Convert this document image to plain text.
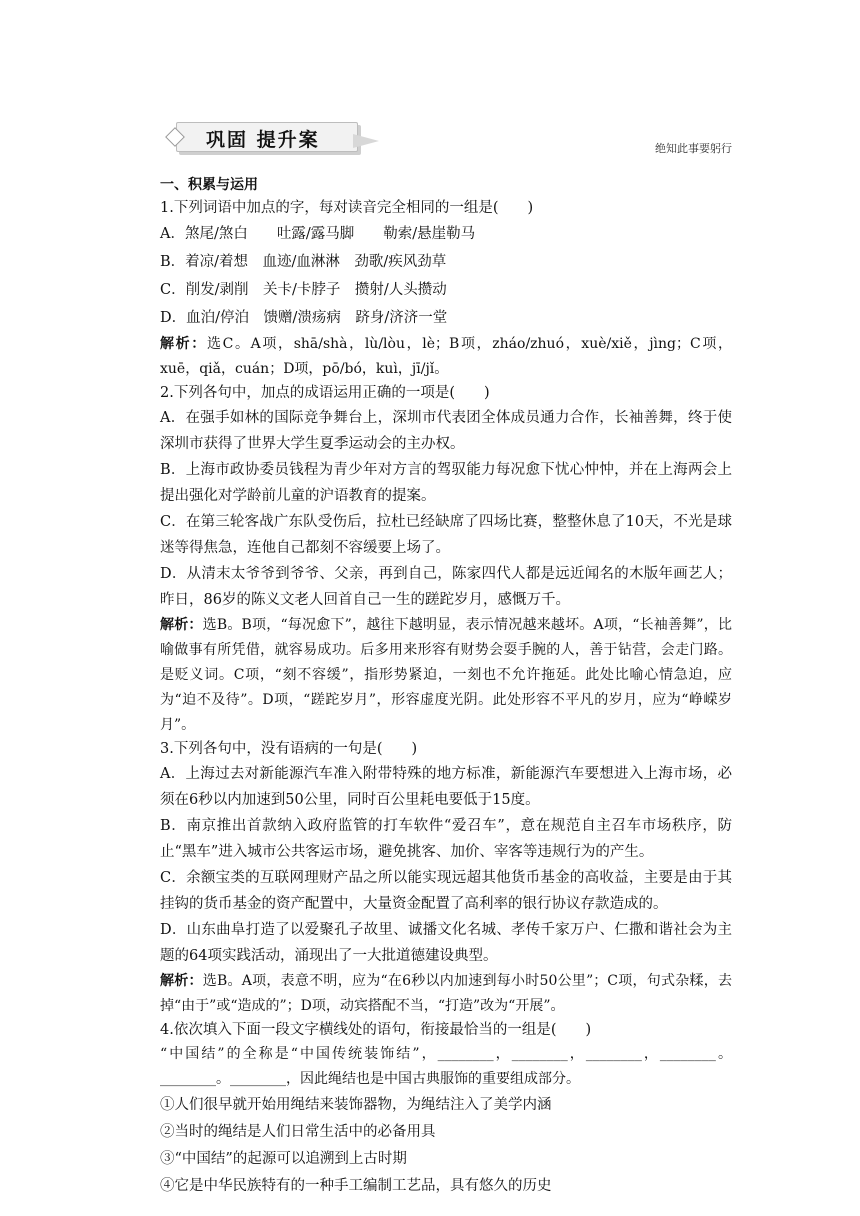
巩固 提升案	绝知此事要躬行

一、积累与运用

1.下列词语中加点的字，每对读音完全相同的一组是(　　)

A．煞尾/煞白　　吐露/露马脚　　勒索/悬崖勒马

B．着凉/着想　血迹/血淋淋　劲歌/疾风劲草

C．削发/剥削　关卡/卡脖子　攒射/人头攒动

D．血泊/停泊　馈赠/溃疡病　跻身/济济一堂

解析：选C。A项，shā/shà，lù/lòu，lè；B项，zháo/zhuó，xuè/xiě，jìng；C项，xuē，qiǎ，cuán；D项，pō/bó，kuì，jī/jǐ。

2.下列各句中，加点的成语运用正确的一项是(　　)

A．在强手如林的国际竞争舞台上，深圳市代表团全体成员通力合作，长袖善舞，终于使深圳市获得了世界大学生夏季运动会的主办权。

B．上海市政协委员钱程为青少年对方言的驾驭能力每况愈下忧心忡忡，并在上海两会上提出强化对学龄前儿童的沪语教育的提案。

C．在第三轮客战广东队受伤后，拉杜已经缺席了四场比赛，整整休息了10天，不光是球迷等得焦急，连他自己都刻不容缓要上场了。

D．从清末太爷爷到爷爷、父亲，再到自己，陈家四代人都是远近闻名的木版年画艺人；昨日，86岁的陈义文老人回首自己一生的蹉跎岁月，感慨万千。

解析：选B。B项，“每况愈下”，越往下越明显，表示情况越来越坏。A项，“长袖善舞”，比喻做事有所凭借，就容易成功。后多用来形容有财势会耍手腕的人，善于钻营，会走门路。是贬义词。C项，“刻不容缓”，指形势紧迫，一刻也不允许拖延。此处比喻心情急迫，应为“迫不及待”。D项，“蹉跎岁月”，形容虚度光阴。此处形容不平凡的岁月，应为“峥嵘岁月”。

3.下列各句中，没有语病的一句是(　　)

A．上海过去对新能源汽车准入附带特殊的地方标准，新能源汽车要想进入上海市场，必须在6秒以内加速到50公里，同时百公里耗电要低于15度。

B．南京推出首款纳入政府监管的打车软件“爱召车”，意在规范自主召车市场秩序，防止“黑车”进入城市公共客运市场，避免挑客、加价、宰客等违规行为的产生。

C．余额宝类的互联网理财产品之所以能实现远超其他货币基金的高收益，主要是由于其挂钩的货币基金的资产配置中，大量资金配置了高利率的银行协议存款造成的。

D．山东曲阜打造了以爱聚孔子故里、诚播文化名城、孝传千家万户、仁撒和谐社会为主题的64项实践活动，涌现出了一大批道德建设典型。

解析：选B。A项，表意不明，应为“在6秒以内加速到每小时50公里”；C项，句式杂糅，去掉“由于”或“造成的”；D项，动宾搭配不当，“打造”改为“开展”。

4.依次填入下面一段文字横线处的语句，衔接最恰当的一组是(　　)

“中国结”的全称是“中国传统装饰结”，________，________，________，________。________。________，因此绳结也是中国古典服饰的重要组成部分。

①人们很早就开始用绳结来装饰器物，为绳结注入了美学内涵

②当时的绳结是人们日常生活中的必备用具

③“中国结”的起源可以追溯到上古时期

④它是中华民族特有的一种手工编制工艺品，具有悠久的历史
